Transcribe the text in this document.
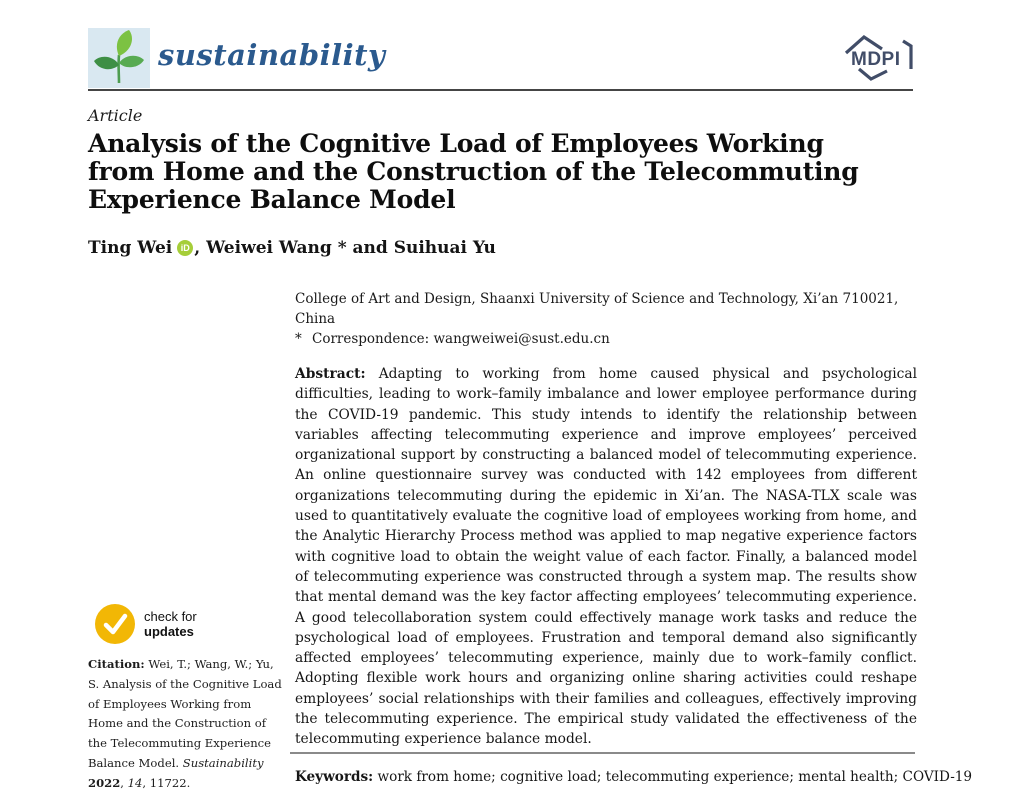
sustainability	MDPI
Article
Analysis of the Cognitive Load of Employees Working from Home and the Construction of the Telecommuting Experience Balance Model
Ting Wei iD , Weiwei Wang * and Suihuai Yu
College of Art and Design, Shaanxi University of Science and Technology, Xi’an 710021, China
* Correspondence: wangweiwei@sust.edu.cn

Abstract: Adapting to working from home caused physical and psychological difficulties, leading to work–family imbalance and lower employee performance during the COVID-19 pandemic. This study intends to identify the relationship between variables affecting telecommuting experience and improve employees’ perceived organizational support by constructing a balanced model of telecommuting experience. An online questionnaire survey was conducted with 142 employees from different organizations telecommuting during the epidemic in Xi’an. The NASA-TLX scale was used to quantitatively evaluate the cognitive load of employees working from home, and the Analytic Hierarchy Process method was applied to map negative experience factors with cognitive load to obtain the weight value of each factor. Finally, a balanced model of telecommuting experience was constructed through a system map. The results show that mental demand was the key factor affecting employees’ telecommuting experience. A good telecollaboration system could effectively manage work tasks and reduce the psychological load of employees. Frustration and temporal demand also significantly affected employees’ telecommuting experience, mainly due to work–family conflict. Adopting flexible work hours and organizing online sharing activities could reshape employees’ social relationships with their families and colleagues, effectively improving the telecommuting experience. The empirical study validated the effectiveness of the telecommuting experience balance model.

Keywords: work from home; cognitive load; telecommuting experience; mental health; COVID-19

check for
updates
Citation: Wei, T.; Wang, W.; Yu, S. Analysis of the Cognitive Load of Employees Working from Home and the Construction of the Telecommuting Experience Balance Model. Sustainability 2022, 14, 11722.
